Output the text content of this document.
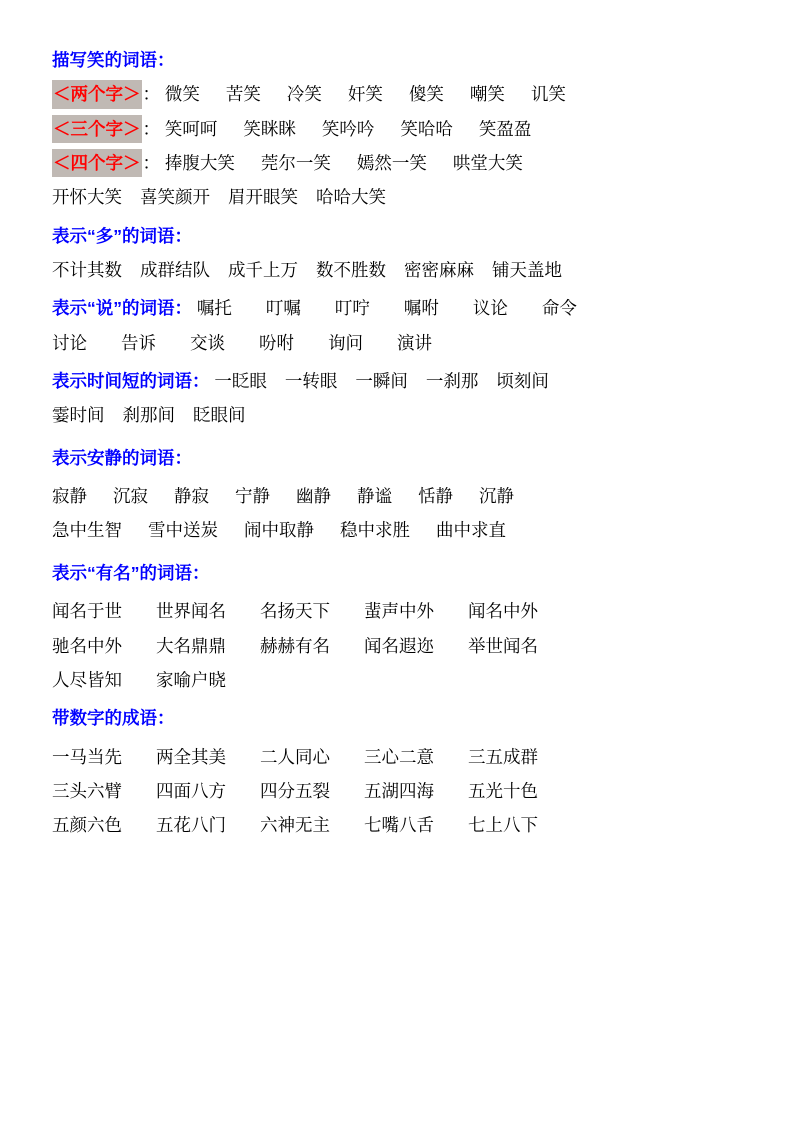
描写笑的词语：
＜两个字＞ ： 微笑 苦笑 冷笑 奸笑 傻笑 嘲笑 讥笑
＜三个字＞ ： 笑呵呵 笑眯眯 笑吟吟 笑哈哈 笑盈盈
＜四个字＞ ： 捧腹大笑 莞尔一笑 嫣然一笑 哄堂大笑
开怀大笑 喜笑颜开 眉开眼笑 哈哈大笑
表示“多”的词语：
不计其数 成群结队 成千上万 数不胜数 密密麻麻 铺天盖地
表示“说”的词语： 嘱托 叮嘱 叮咛 嘱咐 议论 命令
讨论 告诉 交谈 吩咐 询问 演讲
表示时间短的词语： 一眨眼 一转眼 一瞬间 一刹那 顷刻间
霎时间 刹那间 眨眼间
表示安静的词语：
寂静 沉寂 静寂 宁静 幽静 静谧 恬静 沉静
急中生智 雪中送炭 闹中取静 稳中求胜 曲中求直
表示“有名”的词语：
闻名于世 世界闻名 名扬天下 蜚声中外 闻名中外
驰名中外 大名鼎鼎 赫赫有名 闻名遐迩 举世闻名
人尽皆知 家喻户晓
带数字的成语：
一马当先 两全其美 二人同心 三心二意 三五成群
三头六臂 四面八方 四分五裂 五湖四海 五光十色
五颜六色 五花八门 六神无主 七嘴八舌 七上八下
